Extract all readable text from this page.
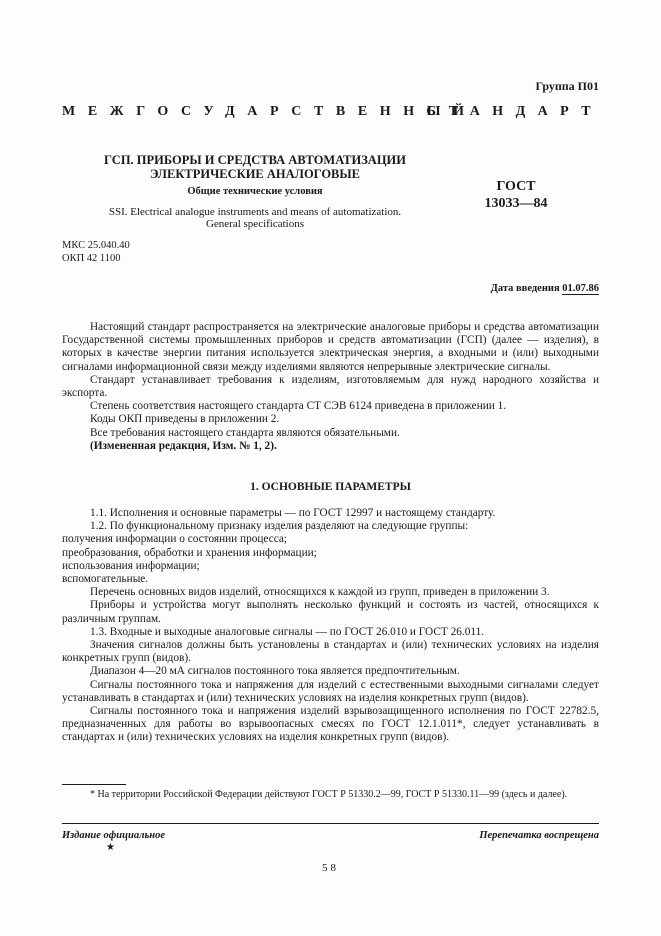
Группа П01
МЕЖГОСУДАРСТВЕННЫЙ
СТАНДАРТ
ГСП. ПРИБОРЫ И СРЕДСТВА АВТОМАТИЗАЦИИ
ЭЛЕКТРИЧЕСКИЕ АНАЛОГОВЫЕ
Общие технические условия
SSI. Electrical analogue instruments and means of automatization.
General specifications
ГОСТ
13033—84
МКС 25.040.40
ОКП 42 1100
Дата введения 01.07.86

Настоящий стандарт распространяется на электрические аналоговые приборы и средства автоматизации Государственной системы промышленных приборов и средств автоматизации (ГСП) (далее — изделия), в которых в качестве энергии питания используется электрическая энергия, а входными и (или) выходными сигналами информационной связи между изделиями являются непрерывные электрические сигналы.

Стандарт устанавливает требования к изделиям, изготовляемым для нужд народного хозяйства и экспорта.

Степень соответствия настоящего стандарта СТ СЭВ 6124 приведена в приложении 1.

Коды ОКП приведены в приложении 2.

Все требования настоящего стандарта являются обязательными.

(Измененная редакция, Изм. № 1, 2).

1. ОСНОВНЫЕ ПАРАМЕТРЫ

1.1. Исполнения и основные параметры — по ГОСТ 12997 и настоящему стандарту.

1.2. По функциональному признаку изделия разделяют на следующие группы:

получения информации о состоянии процесса;

преобразования, обработки и хранения информации;

использования информации;

вспомогательные.

Перечень основных видов изделий, относящихся к каждой из групп, приведен в приложении 3.

Приборы и устройства могут выполнять несколько функций и состоять из частей, относящихся к различным группам.

1.3. Входные и выходные аналоговые сигналы — по ГОСТ 26.010 и ГОСТ 26.011.

Значения сигналов должны быть установлены в стандартах и (или) технических условиях на изделия конкретных групп (видов).

Диапазон 4—20 мА сигналов постоянного тока является предпочтительным.

Сигналы постоянного тока и напряжения для изделий с естественными выходными сигналами следует устанавливать в стандартах и (или) технических условиях на изделия конкретных групп (видов).

Сигналы постоянного тока и напряжения изделий взрывозащищенного исполнения по ГОСТ 22782.5, предназначенных для работы во взрывоопасных смесях по ГОСТ 12.1.011*, следует устанавливать в стандартах и (или) технических условиях на изделия конкретных групп (видов).

* На территории Российской Федерации действуют ГОСТ Р 51330.2—99, ГОСТ Р 51330.11—99 (здесь и далее).

Издание официальное	Перепечатка воспрещена
★
58
